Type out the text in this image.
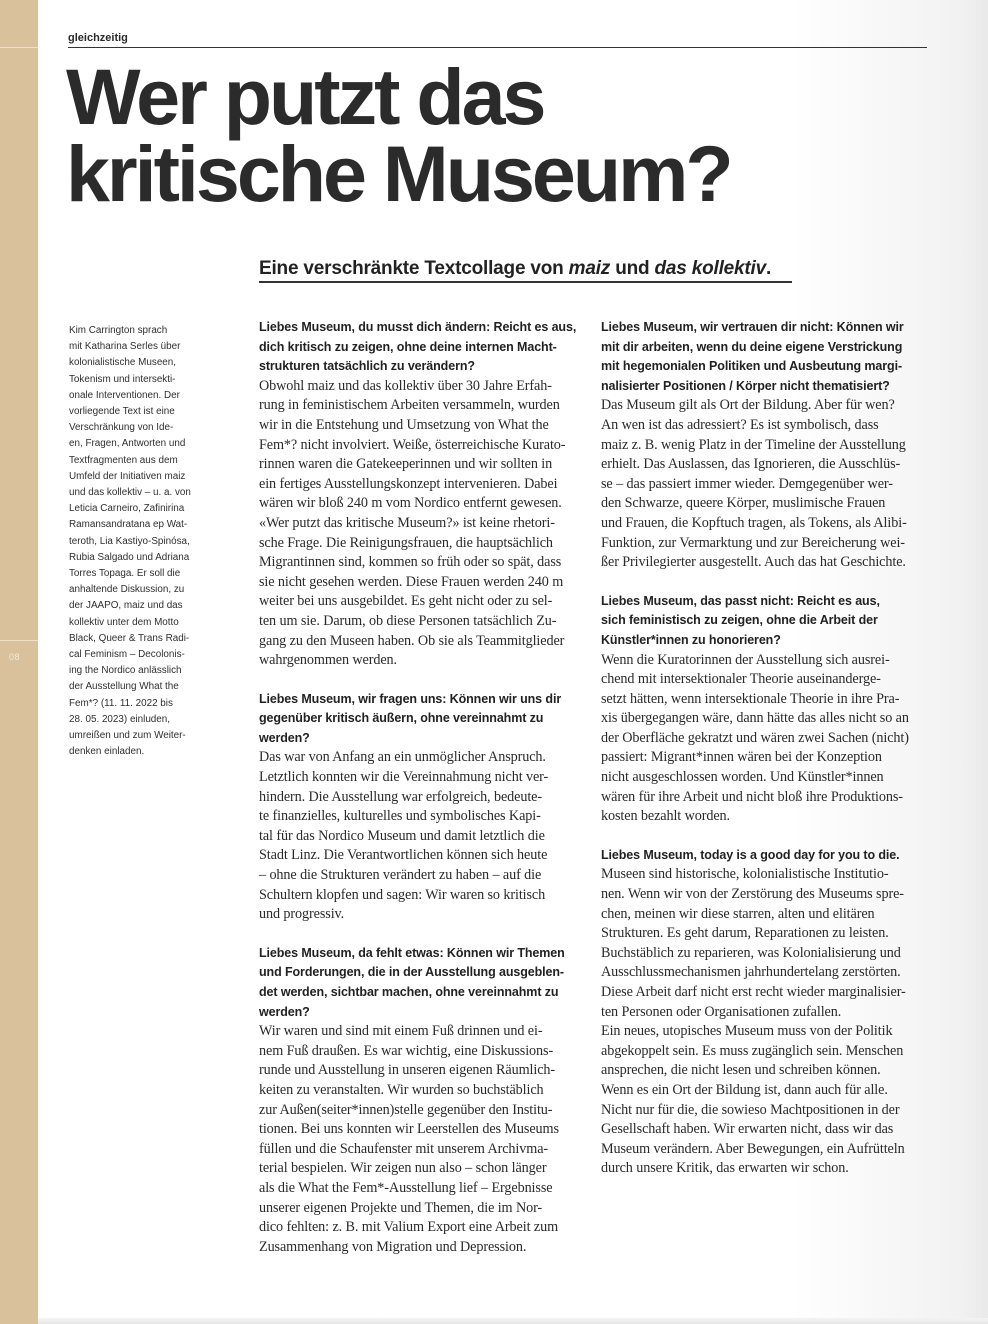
08
gleichzeitig
Wer putzt das
kritische Museum?
Eine verschränkte Textcollage von maiz und das kollektiv.
Kim Carrington sprach
mit Katharina Serles über
kolonialistische Museen,
Tokenism und intersekti-
onale Interventionen. Der
vorliegende Text ist eine
Verschränkung von Ide-
en, Fragen, Antworten und
Textfragmenten aus dem
Umfeld der Initiativen maiz
und das kollektiv – u. a. von
Leticia Carneiro, Zafinirina
Ramansandratana ep Wat-
teroth, Lia Kastiyo-Spinósa,
Rubia Salgado und Adriana
Torres Topaga. Er soll die
anhaltende Diskussion, zu
der JAAPO, maiz und das
kollektiv unter dem Motto
Black, Queer & Trans Radi-
cal Feminism – Decolonis-
ing the Nordico anlässlich
der Ausstellung What the
Fem*? (11. 11. 2022 bis
28. 05. 2023) einluden,
umreißen und zum Weiter-
denken einladen.
Liebes Museum, du musst dich ändern: Reicht es aus,
dich kritisch zu zeigen, ohne deine internen Macht-
strukturen tatsächlich zu verändern?
Obwohl maiz und das kollektiv über 30 Jahre Erfah-
rung in feministischem Arbeiten versammeln, wurden
wir in die Entstehung und Umsetzung von What the
Fem*? nicht involviert. Weiße, österreichische Kurato-
rinnen waren die Gatekeeperinnen und wir sollten in
ein fertiges Ausstellungskonzept intervenieren. Dabei
wären wir bloß 240 m vom Nordico entfernt gewesen.
«Wer putzt das kritische Museum?» ist keine rhetori-
sche Frage. Die Reinigungsfrauen, die hauptsächlich
Migrantinnen sind, kommen so früh oder so spät, dass
sie nicht gesehen werden. Diese Frauen werden 240 m
weiter bei uns ausgebildet. Es geht nicht oder zu sel-
ten um sie. Darum, ob diese Personen tatsächlich Zu-
gang zu den Museen haben. Ob sie als Teammitglieder
wahrgenommen werden.
Liebes Museum, wir fragen uns: Können wir uns dir
gegenüber kritisch äußern, ohne vereinnahmt zu
werden?
Das war von Anfang an ein unmöglicher Anspruch.
Letztlich konnten wir die Vereinnahmung nicht ver-
hindern. Die Ausstellung war erfolgreich, bedeute-
te finanzielles, kulturelles und symbolisches Kapi-
tal für das Nordico Museum und damit letztlich die
Stadt Linz. Die Verantwortlichen können sich heute
– ohne die Strukturen verändert zu haben – auf die
Schultern klopfen und sagen: Wir waren so kritisch
und progressiv.
Liebes Museum, da fehlt etwas: Können wir Themen
und Forderungen, die in der Ausstellung ausgeblen-
det werden, sichtbar machen, ohne vereinnahmt zu
werden?
Wir waren und sind mit einem Fuß drinnen und ei-
nem Fuß draußen. Es war wichtig, eine Diskussions-
runde und Ausstellung in unseren eigenen Räumlich-
keiten zu veranstalten. Wir wurden so buchstäblich
zur Außen(seiter*innen)stelle gegenüber den Institu-
tionen. Bei uns konnten wir Leerstellen des Museums
füllen und die Schaufenster mit unserem Archivma-
terial bespielen. Wir zeigen nun also – schon länger
als die What the Fem*-Ausstellung lief – Ergebnisse
unserer eigenen Projekte und Themen, die im Nor-
dico fehlten: z. B. mit Valium Export eine Arbeit zum
Zusammenhang von Migration und Depression.
Liebes Museum, wir vertrauen dir nicht: Können wir
mit dir arbeiten, wenn du deine eigene Verstrickung
mit hegemonialen Politiken und Ausbeutung margi-
nalisierter Positionen / Körper nicht thematisiert?
Das Museum gilt als Ort der Bildung. Aber für wen?
An wen ist das adressiert? Es ist symbolisch, dass
maiz z. B. wenig Platz in der Timeline der Ausstellung
erhielt. Das Auslassen, das Ignorieren, die Ausschlüs-
se – das passiert immer wieder. Demgegenüber wer-
den Schwarze, queere Körper, muslimische Frauen
und Frauen, die Kopftuch tragen, als Tokens, als Alibi-
Funktion, zur Vermarktung und zur Bereicherung wei-
ßer Privilegierter ausgestellt. Auch das hat Geschichte.
Liebes Museum, das passt nicht: Reicht es aus,
sich feministisch zu zeigen, ohne die Arbeit der
Künstler*innen zu honorieren?
Wenn die Kuratorinnen der Ausstellung sich ausrei-
chend mit intersektionaler Theorie auseinanderge-
setzt hätten, wenn intersektionale Theorie in ihre Pra-
xis übergegangen wäre, dann hätte das alles nicht so an
der Oberfläche gekratzt und wären zwei Sachen (nicht)
passiert: Migrant*innen wären bei der Konzeption
nicht ausgeschlossen worden. Und Künstler*innen
wären für ihre Arbeit und nicht bloß ihre Produktions-
kosten bezahlt worden.
Liebes Museum, today is a good day for you to die.
Museen sind historische, kolonialistische Institutio-
nen. Wenn wir von der Zerstörung des Museums spre-
chen, meinen wir diese starren, alten und elitären
Strukturen. Es geht darum, Reparationen zu leisten.
Buchstäblich zu reparieren, was Kolonialisierung und
Ausschlussmechanismen jahrhundertelang zerstörten.
Diese Arbeit darf nicht erst recht wieder marginalisier-
ten Personen oder Organisationen zufallen.
Ein neues, utopisches Museum muss von der Politik
abgekoppelt sein. Es muss zugänglich sein. Menschen
ansprechen, die nicht lesen und schreiben können.
Wenn es ein Ort der Bildung ist, dann auch für alle.
Nicht nur für die, die sowieso Machtpositionen in der
Gesellschaft haben. Wir erwarten nicht, dass wir das
Museum verändern. Aber Bewegungen, ein Aufrütteln
durch unsere Kritik, das erwarten wir schon.
